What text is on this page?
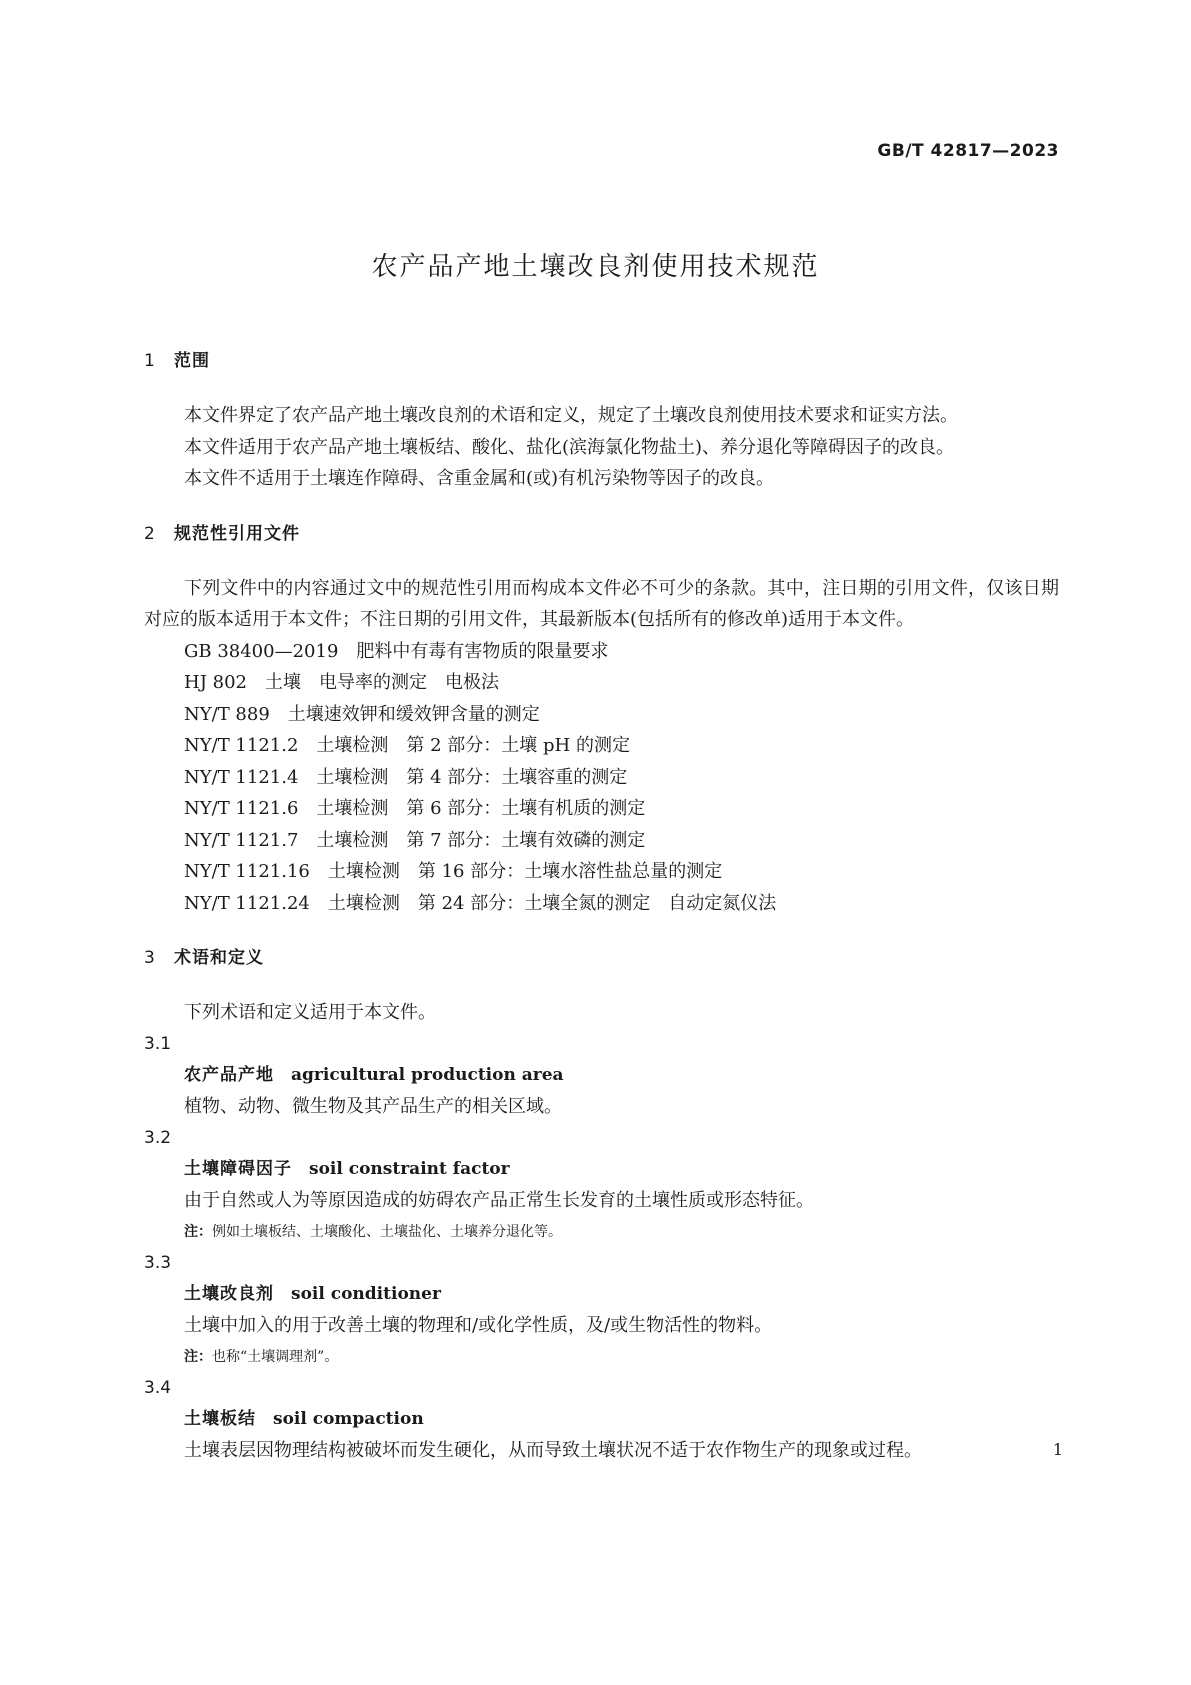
GB/T 42817—2023
农产品产地土壤改良剂使用技术规范
1 范围
本文件界定了农产品产地土壤改良剂的术语和定义，规定了土壤改良剂使用技术要求和证实方法。
本文件适用于农产品产地土壤板结、酸化、盐化(滨海氯化物盐土)、养分退化等障碍因子的改良。
本文件不适用于土壤连作障碍、含重金属和(或)有机污染物等因子的改良。
2 规范性引用文件
下列文件中的内容通过文中的规范性引用而构成本文件必不可少的条款。其中，注日期的引用文件，仅该日期对应的版本适用于本文件；不注日期的引用文件，其最新版本(包括所有的修改单)适用于本文件。
GB 38400—2019　肥料中有毒有害物质的限量要求
HJ 802　土壤　电导率的测定　电极法
NY/T 889　土壤速效钾和缓效钾含量的测定
NY/T 1121.2　土壤检测　第 2 部分：土壤 pH 的测定
NY/T 1121.4　土壤检测　第 4 部分：土壤容重的测定
NY/T 1121.6　土壤检测　第 6 部分：土壤有机质的测定
NY/T 1121.7　土壤检测　第 7 部分：土壤有效磷的测定
NY/T 1121.16　土壤检测　第 16 部分：土壤水溶性盐总量的测定
NY/T 1121.24　土壤检测　第 24 部分：土壤全氮的测定　自动定氮仪法
3 术语和定义
下列术语和定义适用于本文件。
3.1
农产品产地　 agricultural production area
植物、动物、微生物及其产品生产的相关区域。
3.2
土壤障碍因子　 soil constraint factor
由于自然或人为等原因造成的妨碍农产品正常生长发育的土壤性质或形态特征。
注：例如土壤板结、土壤酸化、土壤盐化、土壤养分退化等。
3.3
土壤改良剂　 soil conditioner
土壤中加入的用于改善土壤的物理和/或化学性质，及/或生物活性的物料。
注：也称“土壤调理剂”。
3.4
土壤板结　 soil compaction
土壤表层因物理结构被破坏而发生硬化，从而导致土壤状况不适于农作物生产的现象或过程。	1
